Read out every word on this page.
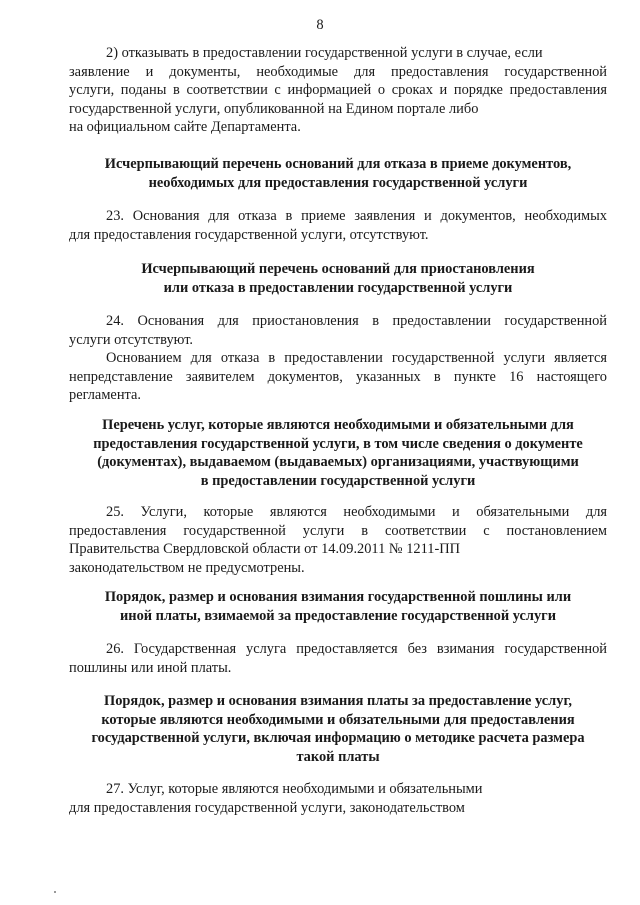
8
2) отказывать в предоставлении государственной услуги в случае, если
заявление и документы, необходимые для предоставления государственной
услуги, поданы в соответствии с информацией о сроках и порядке предоставления
государственной услуги, опубликованной на Едином портале либо
на официальном сайте Департамента.

Исчерпывающий перечень оснований для отказа в приеме документов,
необходимых для предоставления государственной услуги

23. Основания для отказа в приеме заявления и документов, необходимых
для предоставления государственной услуги, отсутствуют.

Исчерпывающий перечень оснований для приостановления
или отказа в предоставлении государственной услуги

24. Основания для приостановления в предоставлении государственной
услуги отсутствуют.
Основанием для отказа в предоставлении государственной услуги является
непредставление заявителем документов, указанных в пункте 16 настоящего
регламента.

Перечень услуг, которые являются необходимыми и обязательными для
предоставления государственной услуги, в том числе сведения о документе
(документах), выдаваемом (выдаваемых) организациями, участвующими
в предоставлении государственной услуги

25. Услуги, которые являются необходимыми и обязательными для
предоставления государственной услуги в соответствии с постановлением
Правительства Свердловской области от 14.09.2011 № 1211-ПП
законодательством не предусмотрены.

Порядок, размер и основания взимания государственной пошлины или
иной платы, взимаемой за предоставление государственной услуги

26. Государственная услуга предоставляется без взимания государственной
пошлины или иной платы.

Порядок, размер и основания взимания платы за предоставление услуг,
которые являются необходимыми и обязательными для предоставления
государственной услуги, включая информацию о методике расчета размера
такой платы

27. Услуг, которые являются необходимыми и обязательными
для предоставления государственной услуги, законодательством
